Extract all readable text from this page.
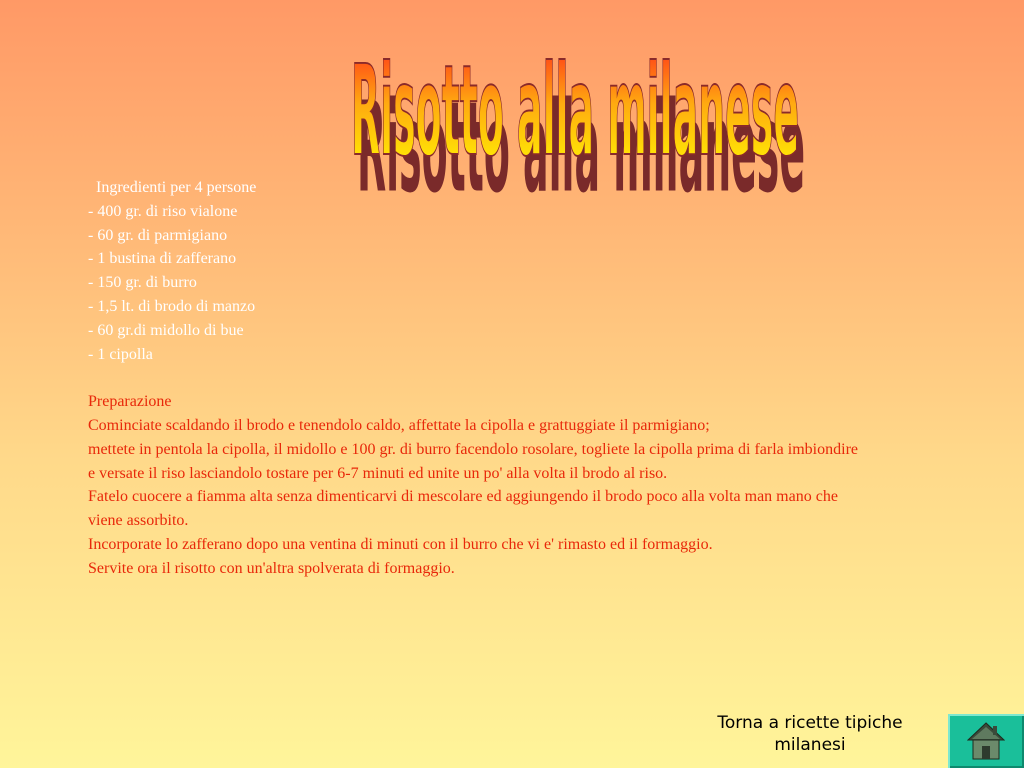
Risotto alla milanese
Risotto alla milanese
Ingredienti per 4 persone
- 400 gr. di riso vialone
- 60 gr. di parmigiano
- 1 bustina di zafferano
- 150 gr. di burro
- 1,5 lt. di brodo di manzo
- 60 gr.di midollo di bue
- 1 cipolla
Preparazione
Cominciate scaldando il brodo e tenendolo caldo, affettate la cipolla e grattuggiate il parmigiano;
mettete in pentola la cipolla, il midollo e 100 gr. di burro facendolo rosolare, togliete la cipolla prima di farla imbiondire e versate il riso lasciandolo tostare per 6-7 minuti ed unite un po' alla volta il brodo al riso.
Fatelo cuocere a fiamma alta senza dimenticarvi di mescolare ed aggiungendo il brodo poco alla volta man mano che viene assorbito.
Incorporate lo zafferano dopo una ventina di minuti con il burro che vi e' rimasto ed il formaggio.
Servite ora il risotto con un'altra spolverata di formaggio.
Torna a ricette tipiche milanesi
